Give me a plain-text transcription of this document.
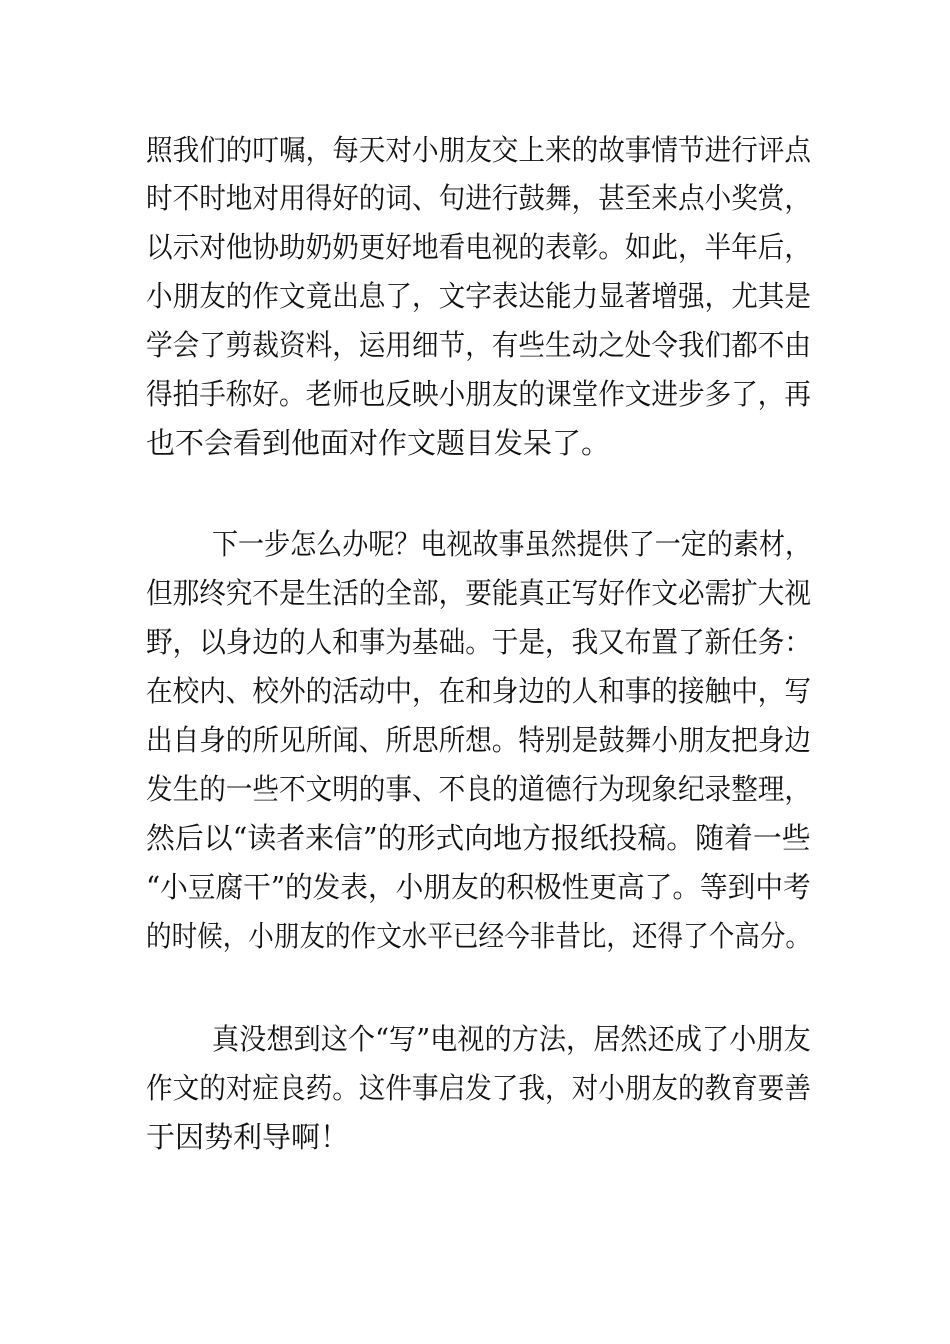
照我们的叮嘱，每天对小朋友交上来的故事情节进行评点
时不时地对用得好的词、句进行鼓舞，甚至来点小奖赏，
以示对他协助奶奶更好地看电视的表彰。如此，半年后，
小朋友的作文竟出息了，文字表达能力显著增强，尤其是
学会了剪裁资料，运用细节，有些生动之处令我们都不由
得拍手称好。老师也反映小朋友的课堂作文进步多了，再
也不会看到他面对作文题目发呆了。
下一步怎么办呢？电视故事虽然提供了一定的素材，
但那终究不是生活的全部，要能真正写好作文必需扩大视
野，以身边的人和事为基础。于是，我又布置了新任务：
在校内、校外的活动中，在和身边的人和事的接触中，写
出自身的所见所闻、所思所想。特别是鼓舞小朋友把身边
发生的一些不文明的事、不良的道德行为现象纪录整理，
然后以“读者来信”的形式向地方报纸投稿。随着一些
“小豆腐干”的发表，小朋友的积极性更高了。等到中考
的时候，小朋友的作文水平已经今非昔比，还得了个高分。
真没想到这个“写”电视的方法，居然还成了小朋友
作文的对症良药。这件事启发了我，对小朋友的教育要善
于因势利导啊！
